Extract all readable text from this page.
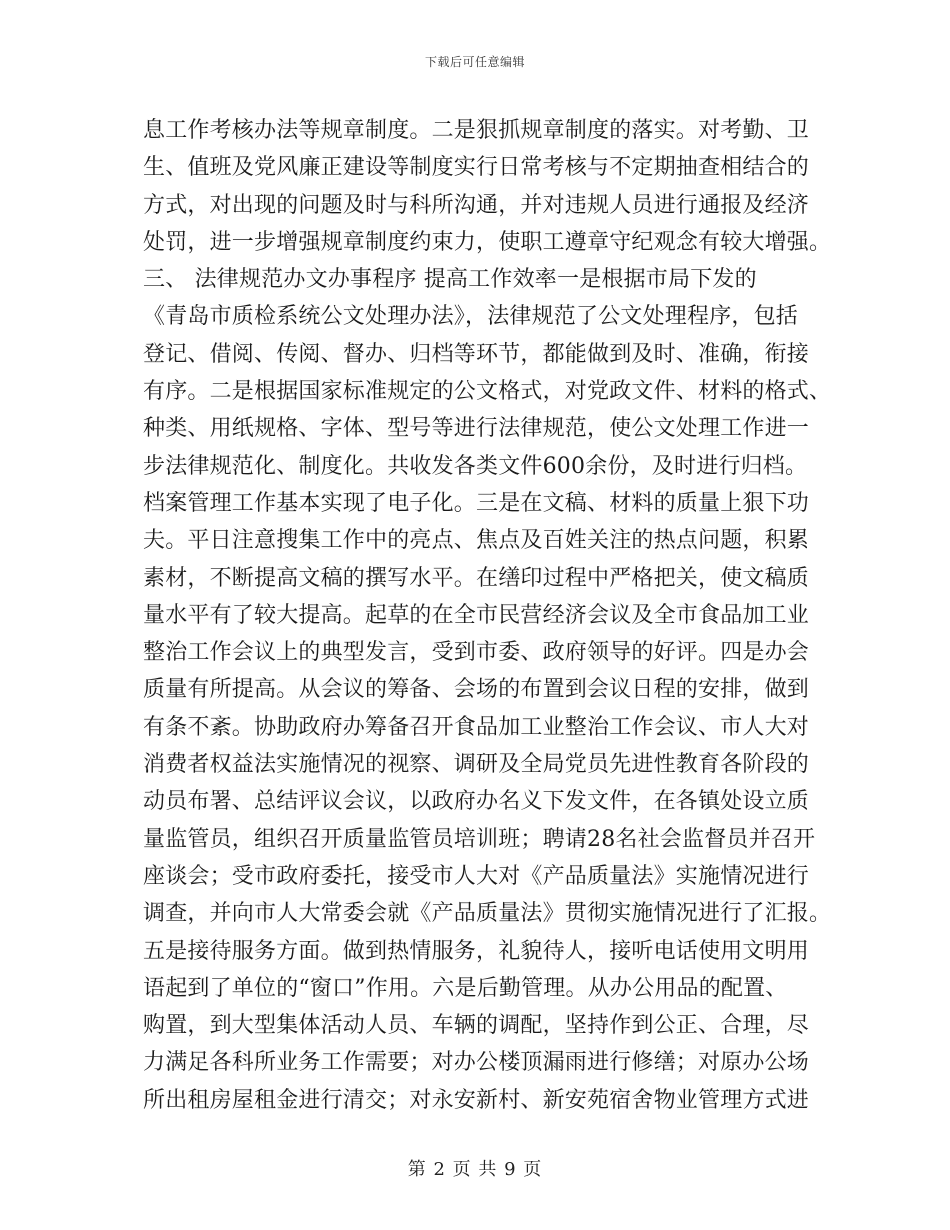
下载后可任意编辑
息工作考核办法等规章制度。二是狠抓规章制度的落实。对考勤、卫
生、值班及党风廉正建设等制度实行日常考核与不定期抽查相结合的
方式，对出现的问题及时与科所沟通，并对违规人员进行通报及经济
处罚，进一步增强规章制度约束力，使职工遵章守纪观念有较大增强。
三、 法律规范办文办事程序 提高工作效率一是根据市局下发的
《青岛市质检系统公文处理办法》，法律规范了公文处理程序，包括
登记、借阅、传阅、督办、归档等环节，都能做到及时、准确，衔接
有序。二是根据国家标准规定的公文格式，对党政文件、材料的格式、
种类、用纸规格、字体、型号等进行法律规范，使公文处理工作进一
步法律规范化、制度化。共收发各类文件600余份，及时进行归档。
档案管理工作基本实现了电子化。三是在文稿、材料的质量上狠下功
夫。平日注意搜集工作中的亮点、焦点及百姓关注的热点问题，积累
素材，不断提高文稿的撰写水平。在缮印过程中严格把关，使文稿质
量水平有了较大提高。起草的在全市民营经济会议及全市食品加工业
整治工作会议上的典型发言，受到市委、政府领导的好评。四是办会
质量有所提高。从会议的筹备、会场的布置到会议日程的安排，做到
有条不紊。协助政府办筹备召开食品加工业整治工作会议、市人大对
消费者权益法实施情况的视察、调研及全局党员先进性教育各阶段的
动员布署、总结评议会议，以政府办名义下发文件，在各镇处设立质
量监管员，组织召开质量监管员培训班；聘请28名社会监督员并召开
座谈会；受市政府委托，接受市人大对《产品质量法》实施情况进行
调查，并向市人大常委会就《产品质量法》贯彻实施情况进行了汇报。
五是接待服务方面。做到热情服务，礼貌待人，接听电话使用文明用
语起到了单位的“窗口”作用。六是后勤管理。从办公用品的配置、
购置，到大型集体活动人员、车辆的调配，坚持作到公正、合理，尽
力满足各科所业务工作需要；对办公楼顶漏雨进行修缮；对原办公场
所出租房屋租金进行清交；对永安新村、新安苑宿舍物业管理方式进
第 2 页 共 9 页
